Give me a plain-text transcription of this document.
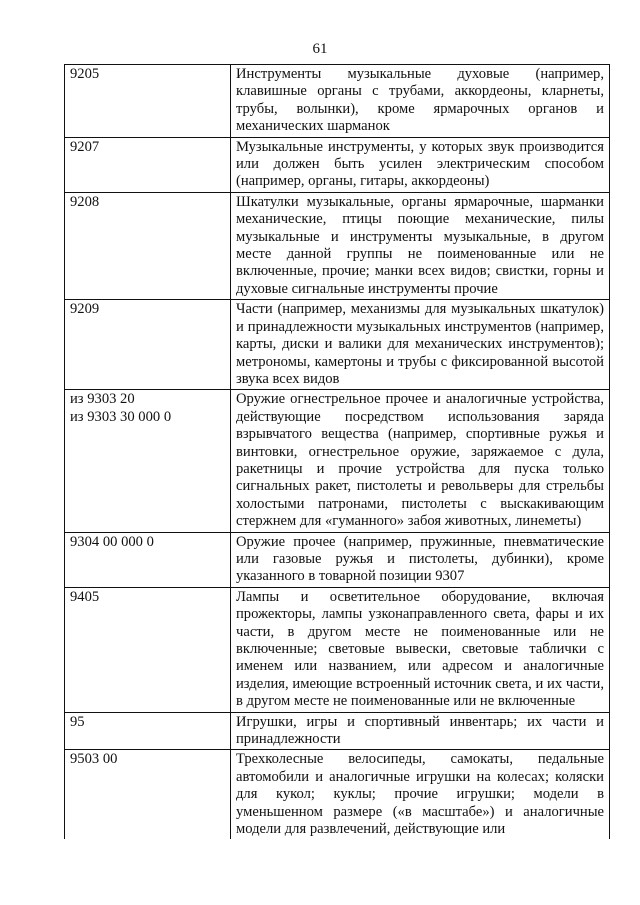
61
9205	Инструменты музыкальные духовые (например, клавишные органы с трубами, аккордеоны, кларнеты, трубы, волынки), кроме ярмарочных органов и механических шарманок

9207	Музыкальные инструменты, у которых звук производится или должен быть усилен электрическим способом (например, органы, гитары, аккордеоны)

9208	Шкатулки музыкальные, органы ярмарочные, шарманки механические, птицы поющие механические, пилы музыкальные и инструменты музыкальные, в другом месте данной группы не поименованные или не включенные, прочие; манки всех видов; свистки, горны и духовые сигнальные инструменты прочие

9209	Части (например, механизмы для музыкальных шкатулок) и принадлежности музыкальных инструментов (например, карты, диски и валики для механических инструментов); метрономы, камертоны и трубы с фиксированной высотой звука всех видов

из 9303 20
из 9303 30 000 0	Оружие огнестрельное прочее и аналогичные устройства, действующие посредством использования заряда взрывчатого вещества (например, спортивные ружья и винтовки, огнестрельное оружие, заряжаемое с дула, ракетницы и прочие устройства для пуска только сигнальных ракет, пистолеты и револьверы для стрельбы холостыми патронами, пистолеты с выскакивающим стержнем для «гуманного» забоя животных, линеметы)

9304 00 000 0	Оружие прочее (например, пружинные, пневматические или газовые ружья и пистолеты, дубинки), кроме указанного в товарной позиции 9307

9405	Лампы и осветительное оборудование, включая прожекторы, лампы узконаправленного света, фары и их части, в другом месте не поименованные или не включенные; световые вывески, световые таблички с именем или названием, или адресом и аналогичные изделия, имеющие встроенный источник света, и их части, в другом месте не поименованные или не включенные

95	Игрушки, игры и спортивный инвентарь; их части и принадлежности

9503 00	Трехколесные велосипеды, самокаты, педальные автомобили и аналогичные игрушки на колесах; коляски для кукол; куклы; прочие игрушки; модели в уменьшенном размере («в масштабе») и аналогичные модели для развлечений, действующие или
